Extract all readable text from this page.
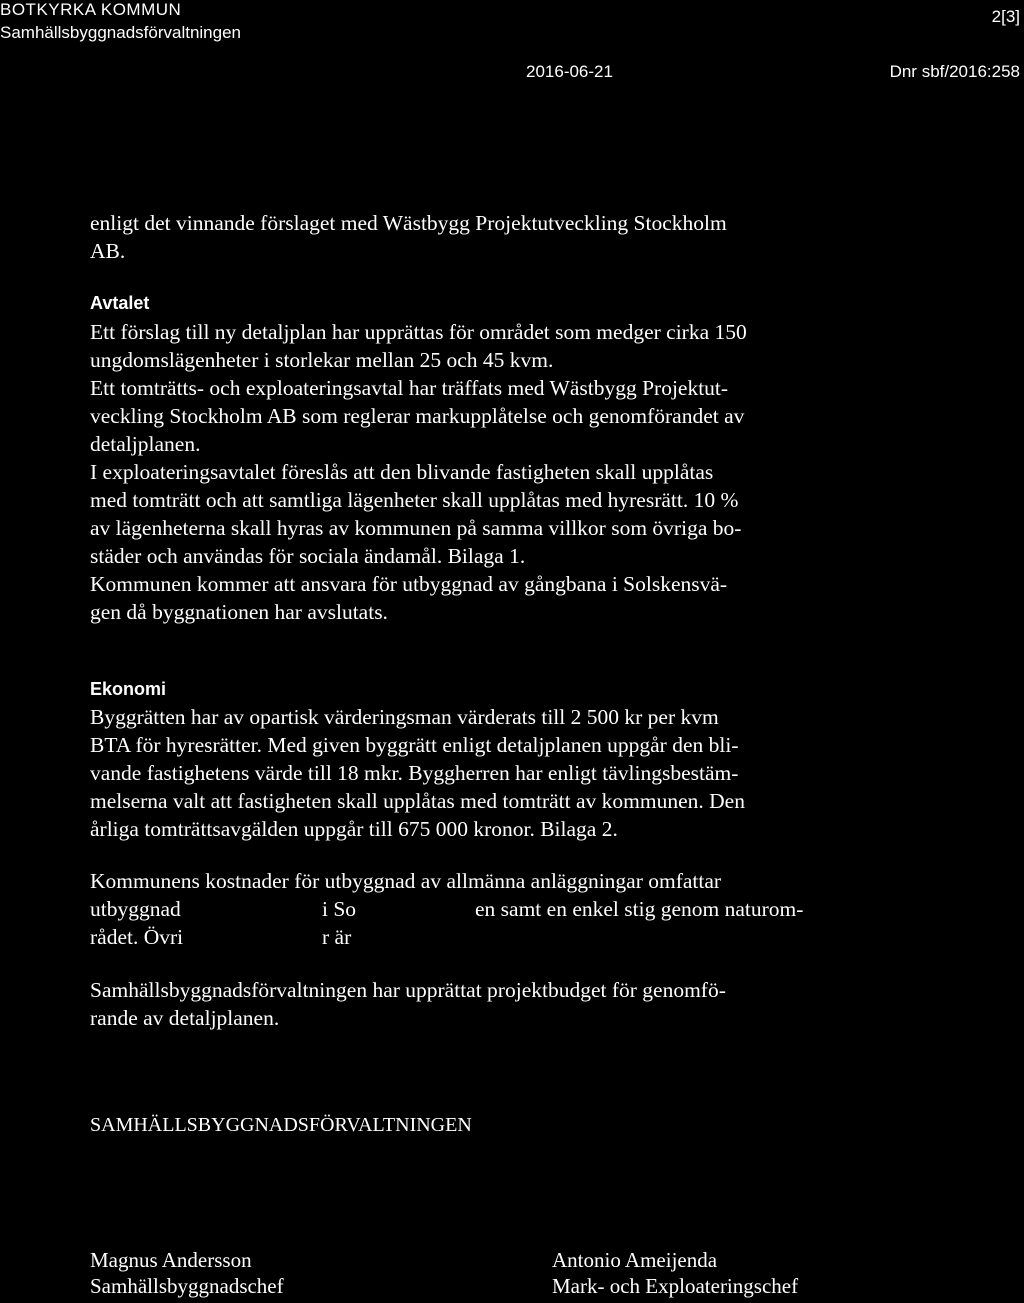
BOTKYRKA KOMMUN
Samhällsbyggnadsförvaltningen
2[3]
2016-06-21	Dnr sbf/2016:258

enligt det vinnande förslaget med Wästbygg Projektutveckling Stockholm
AB.

Avtalet

Ett förslag till ny detaljplan har upprättas för området som medger cirka 150
ungdomslägenheter i storlekar mellan 25 och 45 kvm.
Ett tomträtts- och exploateringsavtal har träffats med Wästbygg Projektut-
veckling Stockholm AB som reglerar markupplåtelse och genomförandet av
detaljplanen.
I exploateringsavtalet föreslås att den blivande fastigheten skall upplåtas
med tomträtt och att samtliga lägenheter skall upplåtas med hyresrätt. 10 %
av lägenheterna skall hyras av kommunen på samma villkor som övriga bo-
städer och användas för sociala ändamål. Bilaga 1.
Kommunen kommer att ansvara för utbyggnad av gångbana i Solskensvä-
gen då byggnationen har avslutats.

Ekonomi

Byggrätten har av opartisk värderingsman värderats till 2 500 kr per kvm
BTA för hyresrätter. Med given byggrätt enligt detaljplanen uppgår den bli-
vande fastighetens värde till 18 mkr. Byggherren har enligt tävlingsbestäm-
melserna valt att fastigheten skall upplåtas med tomträtt av kommunen. Den
årliga tomträttsavgälden uppgår till 675 000 kronor. Bilaga 2.

Kommunens kostnader för utbyggnad av allmänna anläggningar omfattar
utbyggnad	i So	en samt en enkel stig genom naturom-
rådet. Övri	r är

Samhällsbyggnadsförvaltningen har upprättat projektbudget för genomfö-
rande av detaljplanen.

SAMHÄLLSBYGGNADSFÖRVALTNINGEN
Magnus Andersson
Samhällsbyggnadschef
Antonio Ameijenda
Mark- och Exploateringschef
